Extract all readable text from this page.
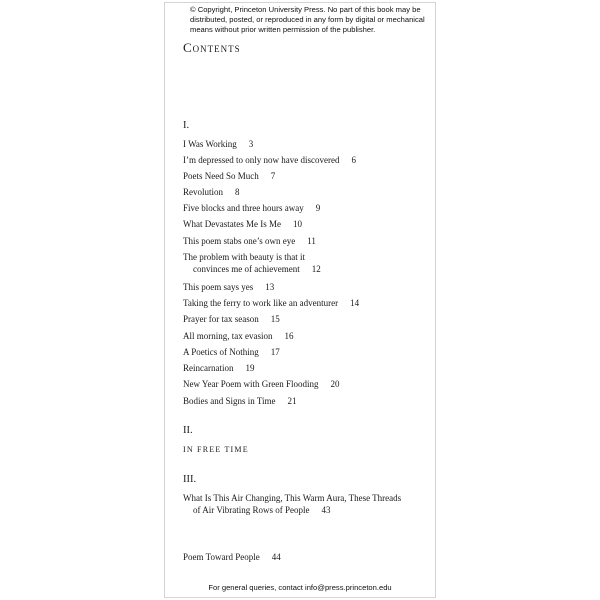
© Copyright, Princeton University Press. No part of this book may be
distributed, posted, or reproduced in any form by digital or mechanical
means without prior written permission of the publisher.
Contents
I.
I Was Working 3
I’m depressed to only now have discovered 6
Poets Need So Much 7
Revolution 8
Five blocks and three hours away 9
What Devastates Me Is Me 10
This poem stabs one’s own eye 11
The problem with beauty is that it
convinces me of achievement 12
This poem says yes 13
Taking the ferry to work like an adventurer 14
Prayer for tax season 15
All morning, tax evasion 16
A Poetics of Nothing 17
Reincarnation 19
New Year Poem with Green Flooding 20
Bodies and Signs in Time 21
II.
IN FREE TIME
III.
What Is This Air Changing, This Warm Aura, These Threads
of Air Vibrating Rows of People 43
Poem Toward People 44
For general queries, contact info@press.princeton.edu
